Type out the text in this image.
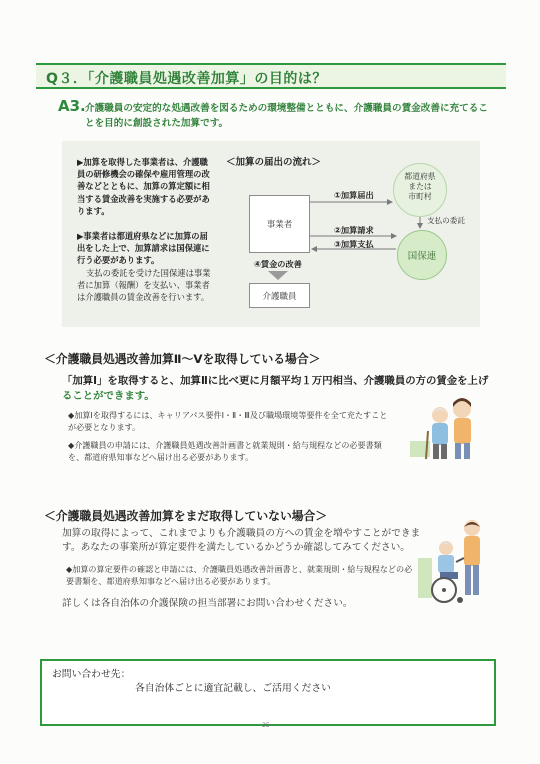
Q３．「介護職員処遇改善加算」の目的は？
A3. 介護職員の安定的な処遇改善を図るための環境整備とともに、介護職員の賃金改善に充てることを目的に創設された加算です。
▶加算を取得した事業者は、介護職員の研修機会の確保や雇用管理の改善などとともに、加算の算定額に相当する賃金改善を実施する必要があります。
▶事業者は都道府県などに加算の届出をした上で、加算請求は国保連に行う必要があります。
支払の委託を受けた国保連は事業者に加算（報酬）を支払い、事業者は介護職員の賃金改善を行います。
＜加算の届出の流れ＞
事業者
介護職員
都道府県
または
市町村
国保連
①加算届出
②加算請求
③加算支払
④賃金の改善
支払の委託
＜介護職員処遇改善加算Ⅱ～Ⅴを取得している場合＞
「加算Ⅰ」を取得すると、加算Ⅱに比べ更に月額平均１万円相当、介護職員の方の賃金を上げることができます。
◆加算Ⅰを取得するには、キャリアパス要件Ⅰ・Ⅱ・Ⅲ及び職場環境等要件を全て充たすことが必要となります。
◆介護職員の申請には、介護職員処遇改善計画書と就業規則・給与規程などの必要書類を、都道府県知事などへ届け出る必要があります。
＜介護職員処遇改善加算をまだ取得していない場合＞
加算の取得によって、これまでよりも介護職員の方への賃金を増やすことができます。あなたの事業所が算定要件を満たしているかどうか確認してみてください。
◆加算の算定要件の確認と申請には、介護職員処遇改善計画書と、就業規則・給与規程などの必要書類を、都道府県知事などへ届け出る必要があります。
詳しくは各自治体の介護保険の担当部署にお問い合わせください。
お問い合わせ先：
各自治体ごとに適宜記載し、ご活用ください
- 25 -
